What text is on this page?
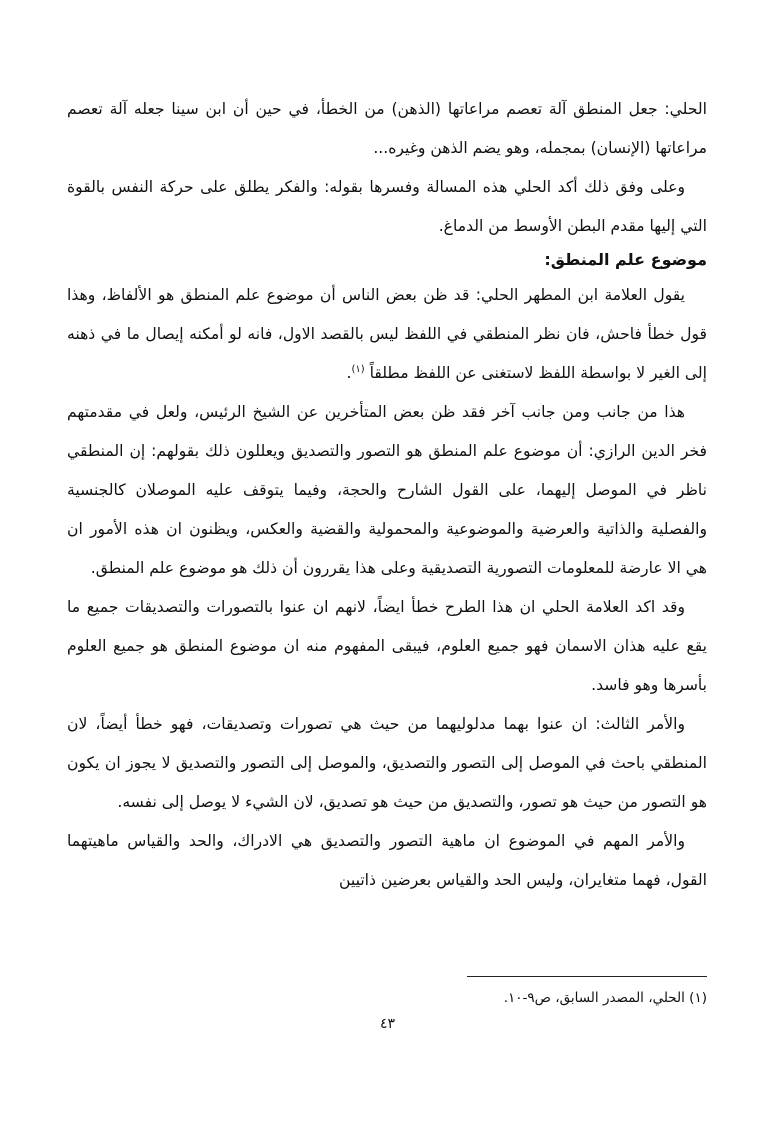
الحلي: جعل المنطق آلة تعصم مراعاتها (الذهن) من الخطأ، في حين أن ابن سينا جعله آلة تعصم مراعاتها (الإنسان) بمجمله، وهو يضم الذهن وغيره...

وعلى وفق ذلك أكد الحلي هذه المسالة وفسرها بقوله: والفكر يطلق على حركة النفس بالقوة التي إليها مقدم البطن الأوسط من الدماغ.

موضوع علم المنطق:

يقول العلامة ابن المطهر الحلي: قد ظن بعض الناس أن موضوع علم المنطق هو الألفاظ، وهذا قول خطأ فاحش، فان نظر المنطقي في اللفظ ليس بالقصد الاول، فانه لو أمكنه إيصال ما في ذهنه إلى الغير لا بواسطة اللفظ لاستغنى عن اللفظ مطلقاً $^{(١)}$.

هذا من جانب ومن جانب آخر فقد ظن بعض المتأخرين عن الشيخ الرئيس، ولعل في مقدمتهم فخر الدين الرازي: أن موضوع علم المنطق هو التصور والتصديق ويعللون ذلك بقولهم: إن المنطقي ناظر في الموصل إليهما، على القول الشارح والحجة، وفيما يتوقف عليه الموصلان كالجنسية والفصلية والذاتية والعرضية والموضوعية والمحمولية والقضية والعكس، ويظنون ان هذه الأمور ان هي الا عارضة للمعلومات التصورية التصديقية وعلى هذا يقررون أن ذلك هو موضوع علم المنطق.

وقد اكد العلامة الحلي ان هذا الطرح خطأ ايضاً، لانهم ان عنوا بالتصورات والتصديقات جميع ما يقع عليه هذان الاسمان فهو جميع العلوم، فيبقى المفهوم منه ان موضوع المنطق هو جميع العلوم بأسرها وهو فاسد.

والأمر الثالث: ان عنوا بهما مدلوليهما من حيث هي تصورات وتصديقات، فهو خطأ أيضاً، لان المنطقي باحث في الموصل إلى التصور والتصديق، والموصل إلى التصور والتصديق لا يجوز ان يكون هو التصور من حيث هو تصور، والتصديق من حيث هو تصديق، لان الشيء لا يوصل إلى نفسه.

والأمر المهم في الموضوع ان ماهية التصور والتصديق هي الادراك، والحد والقياس ماهيتهما القول، فهما متغايران، وليس الحد والقياس بعرضين ذاتيين

(١) الحلي، المصدر السابق، ص٩-١٠.
٤٣
